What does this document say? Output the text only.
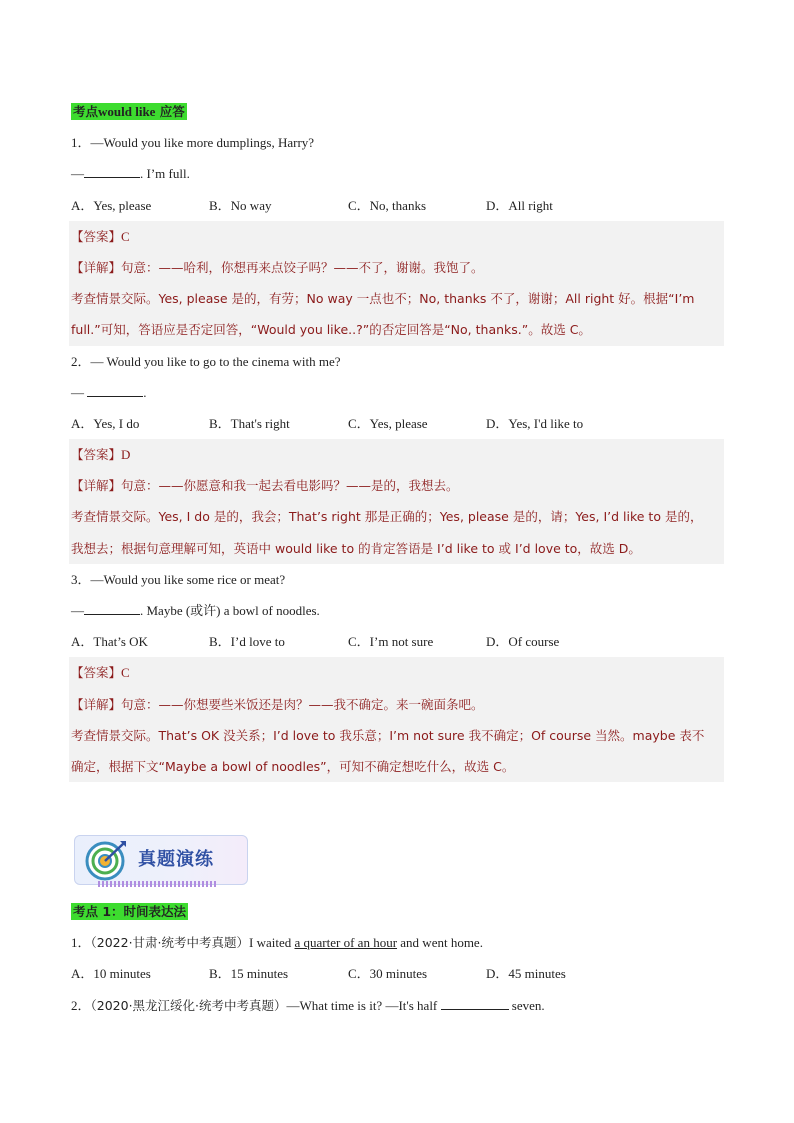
考点would like 应答
1．—Would you like more dumplings, Harry?
—	. I’m full.
A．Yes, please	B．No way	C．No, thanks	D．All right
【答案】C
【详解】句意：——哈利，你想再来点饺子吗？——不了，谢谢。我饱了。
考查情景交际。Yes, please 是的，有劳；No way 一点也不；No, thanks 不了，谢谢；All right 好。根据“I’m
full.”可知，答语应是否定回答，“Would you like..?”的否定回答是“No, thanks.”。故选 C。
2．— Would you like to go to the cinema with me?
—	.
A．Yes, I do	B．That's right	C．Yes, please	D．Yes, I'd like to
【答案】D
【详解】句意：——你愿意和我一起去看电影吗？——是的，我想去。
考查情景交际。Yes, I do 是的，我会；That’s right 那是正确的；Yes, please 是的，请；Yes, I’d like to 是的，
我想去；根据句意理解可知，英语中 would like to 的肯定答语是 I’d like to 或 I’d love to，故选 D。
3．—Would you like some rice or meat?
—	. Maybe (或许) a bowl of noodles.
A．That’s OK	B．I’d love to	C．I’m not sure	D．Of course
【答案】C
【详解】句意：——你想要些米饭还是肉？——我不确定。来一碗面条吧。
考查情景交际。That’s OK 没关系；I’d love to 我乐意；I’m not sure 我不确定；Of course 当然。maybe 表不
确定，根据下文“Maybe a bowl of noodles”，可知不确定想吃什么，故选 C。
真题演练
考点 1：时间表达法
1．（2022·甘肃·统考中考真题）I waited a quarter of an hour and went home.
A．10 minutes	B．15 minutes	C．30 minutes	D．45 minutes
2．（2020·黑龙江绥化·统考中考真题）—What time is it? —It's half	seven.
